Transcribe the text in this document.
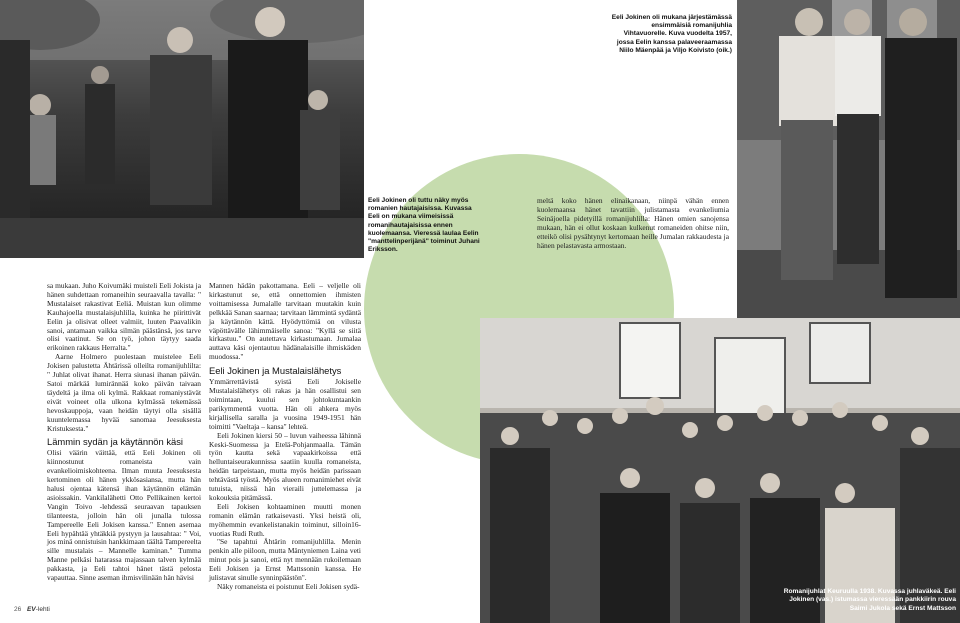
Eeli Jokinen oli mukana järjestämässä ensimmäisiä romanijuhlia Vihtavuorelle. Kuva vuodelta 1957, jossa Eelin kanssa palaveeraamassa Niilo Mäenpää ja Viljo Koivisto (oik.)
Eeli Jokinen oli tuttu näky myös romanien hautajaisissa. Kuvassa Eeli on mukana viimeisissä romanihautajaisissa ennen kuolemaansa. Vieressä laulaa Eelin "manttelinperijänä" toiminut Juhani Eriksson.
Romanijuhlat Keuruulla 1938. Kuvassa juhlaväkeä. Eeli Jokinen (vas.) istumassa vieressään pankkiirin rouva Saimi Jukola sekä Ernst Mattsson
meltä koko hänen elinaikanaan, niinpä vähän ennen kuolemaansa hänet tavattiin julistamasta evankeliumia Seinäjoella pidetyillä romanijuhlilla: Hänen omien sanojensa mukaan, hän ei ollut koskaan kulkenut romaneiden ohitse niin, etteikö olisi pysähtynyt kertomaan heille Jumalan rakkaudesta ja hänen pelastavasta armostaan.

sa mukaan. Juho Koivumäki muisteli Eeli Jokista ja hänen suhdettaan romaneihin seuraavalla tavalla: " Mustalaiset rakastivat Eeliä. Muistan kun olimme Kauhajoella mustalaisjuhlilla, kuinka he piirittivät Eelin ja olisivat olleet valmiit, luuten Paavalikin sanoi, antamaan vaikka silmän päästänsä, jos tarve olisi vaatinut. Se on työ, johon täytyy saada erikoinen rakkaus Herralta."

Aarne Holmero puolestaan muistelee Eeli Jokisen palustetta Ähtärissä olleilta romanijuhlilta: " Juhlat olivat ihanat. Herra siunasi ihanan päivän. Satoi märkää lumirännää koko päivän taivaan täydeltä ja ilma oli kylmä. Rakkaat romaniystävät eivät voineet olla ulkona kylmässä tekemässä hevoskauppoja, vaan heidän täytyi olla sisällä kuuntelemassa hyvää sanomaa Jeesuksesta Kristuksesta."

Lämmin sydän ja käytännön käsi

Olisi väärin väittää, että Eeli Jokinen oli kiinnostunut romaneista vain evankelioimiskohteena. Ilman muuta Jeesuksesta kertominen oli hänen ykkösasiansa, mutta hän halusi ojentaa kätensä ihan käytännön elämän asioissakin. Vankilalähetti Otto Pellikainen kertoi Vangin Toivo -lehdessä seuraavan tapauksen tilanteesta, jolloin hän oli junalla tulossa Tampereelle Eeli Jokisen kanssa." Ennen asemaa Eeli hypähtää yhtäkkiä pystyyn ja lausahtaa: " Voi, jos minä onnistuisin hankkimaan täältä Tampereelta sille mustalais – Mannelle kaminan." Tumma Manne pelkäsi hatarassa majassaan talven kylmää pakkasta, ja Eeli tahtoi hänet tästä pelosta vapauttaa. Sinne aseman ihmisvilinään hän hävisi

Mannen hädän pakottamana. Eeli – veljelle oli kirkastunut se, että onnettomien ihmisten voittamisessa Jumalalle tarvitaan muutakin kuin pelkkää Sanan saarnaa; tarvitaan lämmintä sydäntä ja käytännön kättä. Hyödyttömiä on vilusta väpöttävälle lähimmäiselle sanoa: "Kyllä se siitä kirkastuu." On autettava kirkastumaan. Jumalaa auttava käsi ojentautuu hädänalaisille ihmiskäden muodossa."

Eeli Jokinen ja Mustalaislähetys

Ymmärrettävistä syistä Eeli Jokiselle Mustalaislähetys oli rakas ja hän osallistui sen toimintaan, kuului sen johtokuntaankin parikymmentä vuotta. Hän oli ahkera myös kirjallisella saralla ja vuosina 1949-1951 hän toimitti "Vaeltaja – kansa" lehteä.

Eeli Jokinen kiersi 50 – luvun vaiheessa lähinnä Keski-Suomessa ja Etelä-Pohjanmaalla. Tämän työn kautta sekä vapaakirkoissa että helluntaiseurakunnissa saatiin kuulla romaneista, heidän tarpeistaan, mutta myös heidän parissaan tehtävästä työstä. Myös alueen romanimiehet eivät tutuista, niissä hän vieraili juttelemassa ja kokouksia pitämässä.

Eeli Jokisen kohtaaminen muutti monen romanin elämän ratkaisevasti. Yksi heistä oli, myöhemmin evankelistanakin toiminut, silloin16-vuotias Rudi Ruth.

"Se tapahtui Ähtärin romanijuhlilla. Menin penkin alle piiloon, mutta Mäntyniemen Laina veti minut pois ja sanoi, että nyt mennään rukoilemaan Eeli Jokisen ja Ernst Mattssonin kanssa. He julistavat sinulle synninpäästön".

Näky romaneista ei poistunut Eeli Jokisen sydä-

26 EV-lehti
